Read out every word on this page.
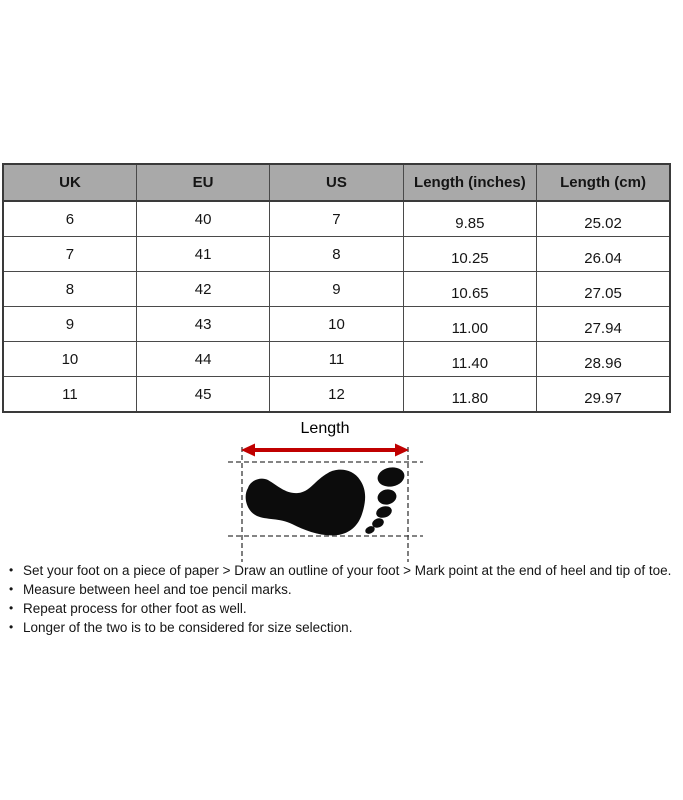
UK	EU	US	Length (inches)	Length (cm)
6	40	7	9.85	25.02
7	41	8	10.25	26.04
8	42	9	10.65	27.05
9	43	10	11.00	27.94
10	44	11	11.40	28.96
11	45	12	11.80	29.97
Length
• Set your foot on a piece of paper > Draw an outline of your foot > Mark point at the end of heel and tip of toe.
• Measure between heel and toe pencil marks.
• Repeat process for other foot as well.
• Longer of the two is to be considered for size selection.
